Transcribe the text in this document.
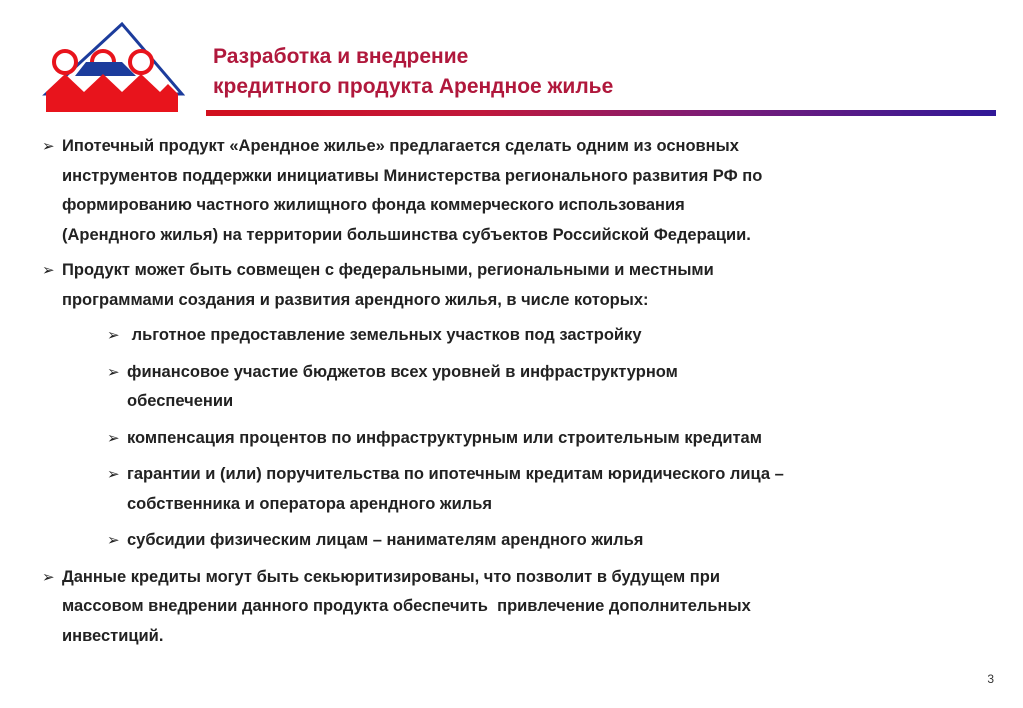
Разработка и внедрение
кредитного продукта Арендное жилье
➢ Ипотечный продукт «Арендное жилье» предлагается сделать одним из основных
инструментов поддержки инициативы Министерства регионального развития РФ по
формированию частного жилищного фонда коммерческого использования
(Арендного жилья) на территории большинства субъектов Российской Федерации.
➢ Продукт может быть совмещен с федеральными, региональными и местными
программами создания и развития арендного жилья, в числе которых:
➢ льготное предоставление земельных участков под застройку
➢ финансовое участие бюджетов всех уровней в инфраструктурном
обеспечении
➢ компенсация процентов по инфраструктурным или строительным кредитам
➢ гарантии и (или) поручительства по ипотечным кредитам юридического лица –
собственника и оператора арендного жилья
➢ субсидии физическим лицам – нанимателям арендного жилья
➢ Данные кредиты могут быть секьюритизированы, что позволит в будущем при
массовом внедрении данного продукта обеспечить  привлечение дополнительных
инвестиций.
3
